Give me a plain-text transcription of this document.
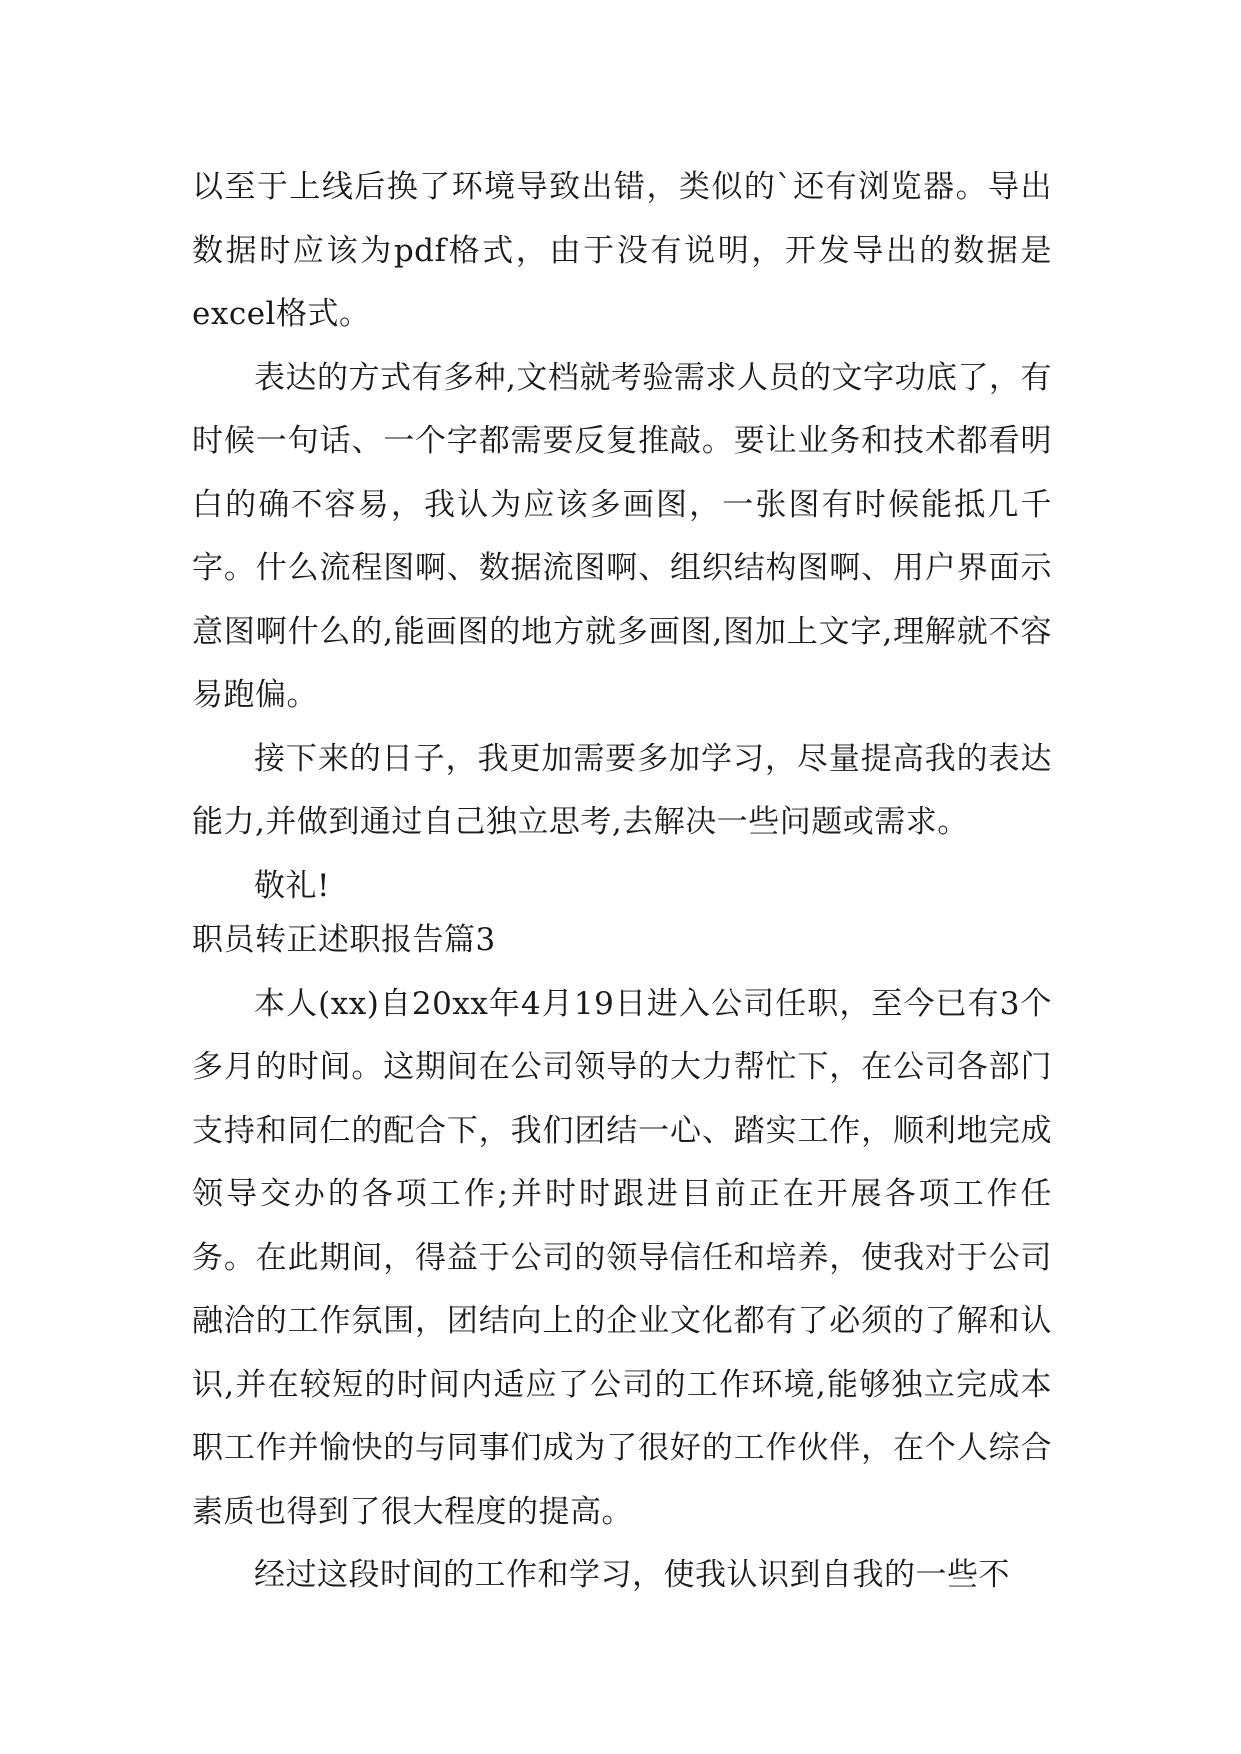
以至于上线后换了环境导致出错，类似的`还有浏览器。导出数据时应该为pdf格式，由于没有说明，开发导出的数据是excel格式。

表达的方式有多种,文档就考验需求人员的文字功底了，有时候一句话、一个字都需要反复推敲。要让业务和技术都看明白的确不容易，我认为应该多画图，一张图有时候能抵几千字。什么流程图啊、数据流图啊、组织结构图啊、用户界面示意图啊什么的,能画图的地方就多画图,图加上文字,理解就不容易跑偏。

接下来的日子，我更加需要多加学习，尽量提高我的表达能力,并做到通过自己独立思考,去解决一些问题或需求。

敬礼!

职员转正述职报告篇3

本人(xx)自20xx年4月19日进入公司任职，至今已有3个多月的时间。这期间在公司领导的大力帮忙下，在公司各部门支持和同仁的配合下，我们团结一心、踏实工作，顺利地完成领导交办的各项工作;并时时跟进目前正在开展各项工作任务。在此期间，得益于公司的领导信任和培养，使我对于公司融洽的工作氛围，团结向上的企业文化都有了必须的了解和认识,并在较短的时间内适应了公司的工作环境,能够独立完成本职工作并愉快的与同事们成为了很好的工作伙伴，在个人综合素质也得到了很大程度的提高。

经过这段时间的工作和学习，使我认识到自我的一些不
